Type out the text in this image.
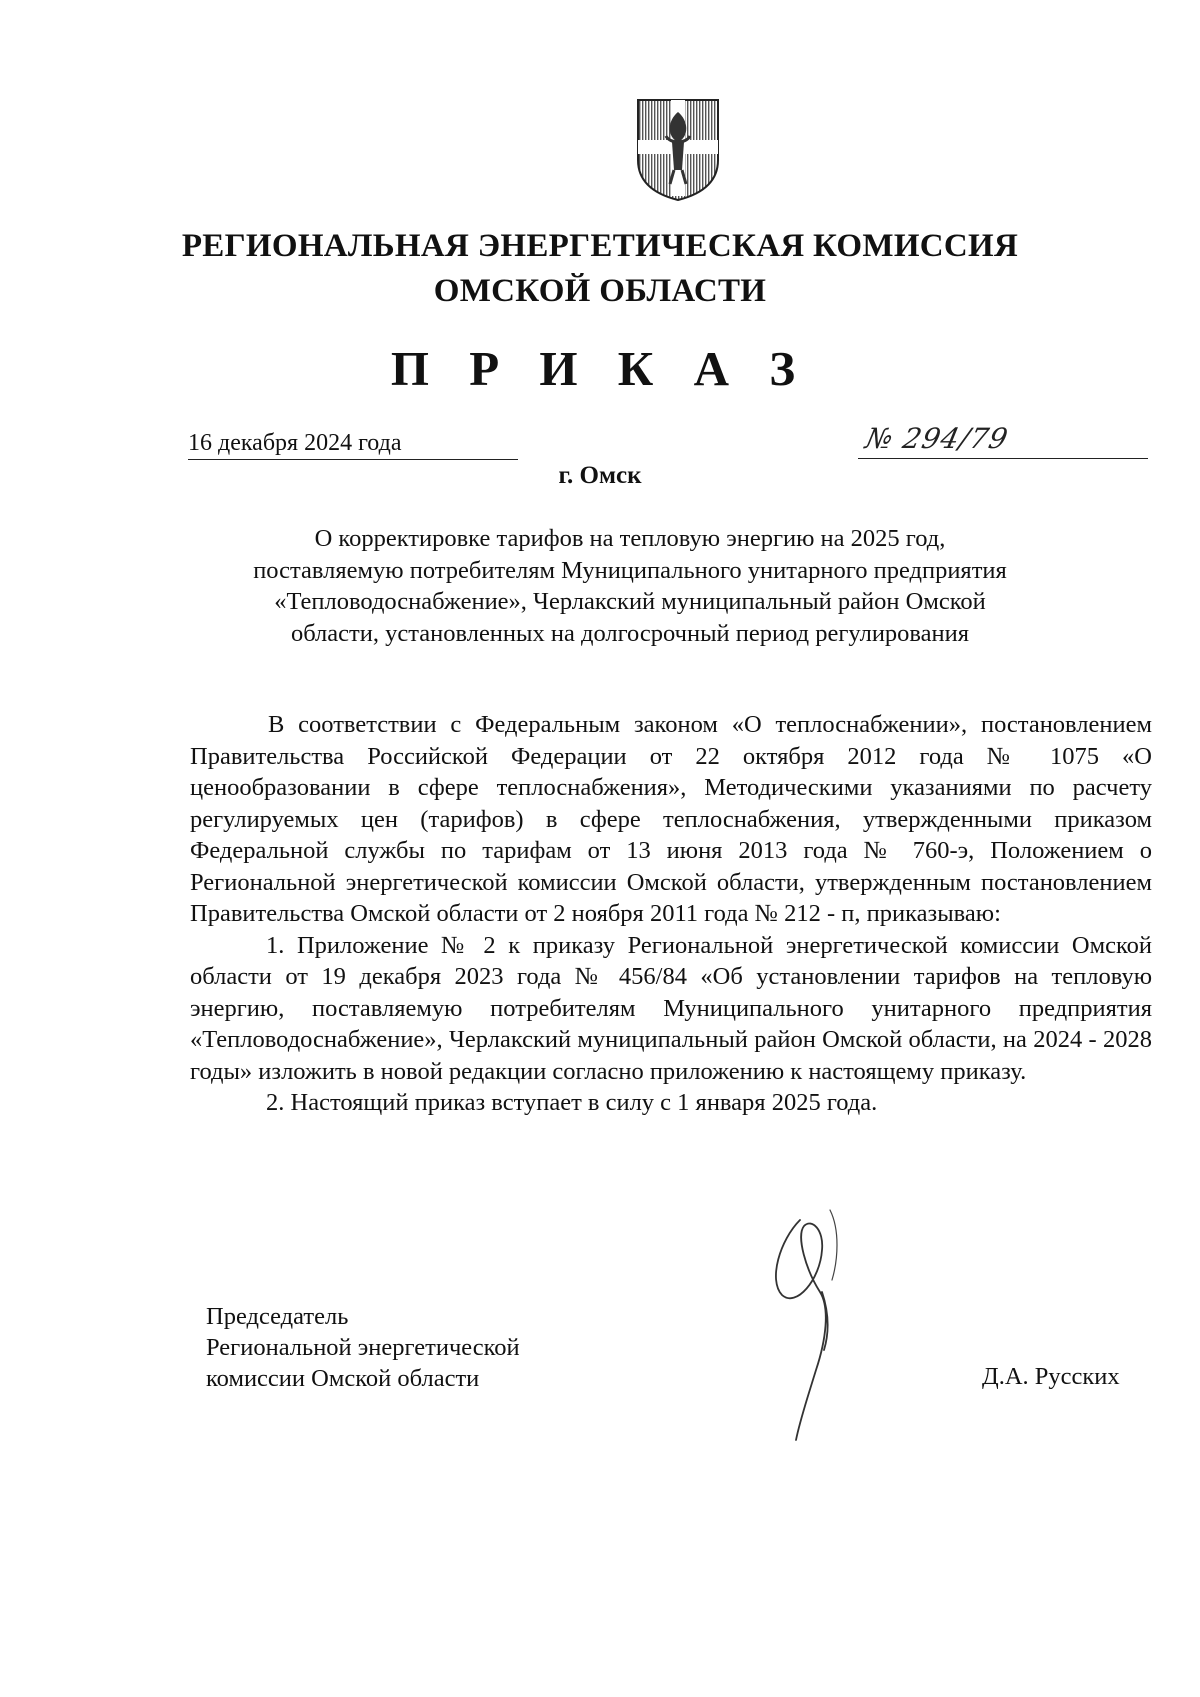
РЕГИОНАЛЬНАЯ ЭНЕРГЕТИЧЕСКАЯ КОМИССИЯ
ОМСКОЙ ОБЛАСТИ
П Р И К А З
16 декабря 2024 года	№ 294/79
г. Омск
О корректировке тарифов на тепловую энергию на 2025 год,
поставляемую потребителям Муниципального унитарного предприятия
«Тепловодоснабжение», Черлакский муниципальный район Омской
области, установленных на долгосрочный период регулирования

В соответствии с Федеральным законом «О теплоснабжении», постановлением Правительства Российской Федерации от 22 октября 2012 года № 1075 «О ценообразовании в сфере теплоснабжения», Методическими указаниями по расчету регулируемых цен (тарифов) в сфере теплоснабжения, утвержденными приказом Федеральной службы по тарифам от 13 июня 2013 года № 760-э, Положением о Региональной энергетической комиссии Омской области, утвержденным постановлением Правительства Омской области от 2 ноября 2011 года № 212 - п, приказываю:

1. Приложение № 2 к приказу Региональной энергетической комиссии Омской области от 19 декабря 2023 года № 456/84 «Об установлении тарифов на тепловую энергию, поставляемую потребителям Муниципального унитарного предприятия «Тепловодоснабжение», Черлакский муниципальный район Омской области, на 2024 - 2028 годы» изложить в новой редакции согласно приложению к настоящему приказу.

2. Настоящий приказ вступает в силу с 1 января 2025 года.

Председатель
Региональной энергетической
комиссии Омской области	Д.А. Русских
